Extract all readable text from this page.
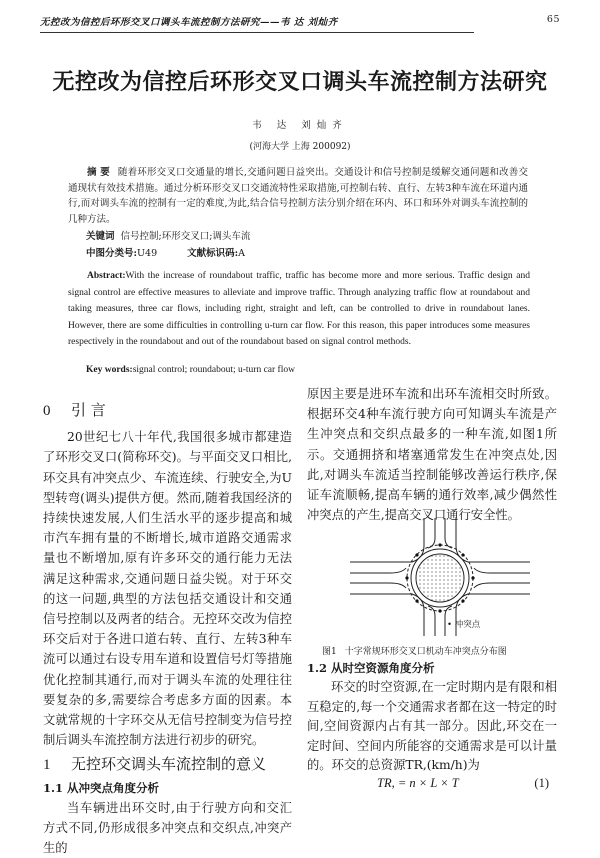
无控改为信控后环形交叉口调头车流控制方法研究——韦 达 刘灿齐	65
无控改为信控后环形交叉口调头车流控制方法研究
韦 达 刘灿齐
(河海大学 上海 200092)

摘 要 随着环形交叉口交通量的增长,交通问题日益突出。交通设计和信号控制是缓解交通问题和改善交通现状有效技术措施。通过分析环形交叉口交通流特性采取措施,可控制右转、直行、左转3种车流在环道内通行,而对调头车流的控制有一定的难度,为此,结合信号控制方法分别介绍在环内、环口和环外对调头车流控制的几种方法。

关键词 信号控制;环形交叉口;调头车流
中图分类号:U49	文献标识码:A

Abstract:With the increase of roundabout traffic, traffic has become more and more serious. Traffic design and signal control are effective measures to alleviate and improve traffic. Through analyzing traffic flow at roundabout and taking measures, three car flows, including right, straight and left, can be controlled to drive in roundabout lanes. However, there are some difficulties in controlling u-turn car flow. For this reason, this paper introduces some measures respectively in the roundabout and out of the roundabout based on signal control methods.

Key words:signal control; roundabout; u-turn car flow
0 引 言

20世纪七八十年代,我国很多城市都建造了环形交叉口(简称环交)。与平面交叉口相比,环交具有冲突点少、车流连续、行驶安全,为U型转弯(调头)提供方便。然而,随着我国经济的持续快速发展,人们生活水平的逐步提高和城市汽车拥有量的不断增长,城市道路交通需求量也不断增加,原有许多环交的通行能力无法满足这种需求,交通问题日益尖锐。对于环交的这一问题,典型的方法包括交通设计和交通信号控制以及两者的结合。无控环交改为信控环交后对于各进口道右转、直行、左转3种车流可以通过右设专用车道和设置信号灯等措施优化控制其通行,而对于调头车流的处理往往要复杂的多,需要综合考虑多方面的因素。本文就常规的十字环交从无信号控制变为信号控制后调头车流控制方法进行初步的研究。

1 无控环交调头车流控制的意义
1.1 从冲突点角度分析

当车辆进出环交时,由于行驶方向和交汇方式不同,仍形成很多冲突点和交织点,冲突产生的

原因主要是进环车流和出环车流相交时所致。根据环交4种车流行驶方向可知调头车流是产生冲突点和交织点最多的一种车流,如图1所示。交通拥挤和堵塞通常发生在冲突点处,因此,对调头车流适当控制能够改善运行秩序,保证车流顺畅,提高车辆的通行效率,减少偶然性冲突点的产生,提高交叉口通行安全性。

• 冲突点
图1 十字常规环形交叉口机动车冲突点分布图
1.2 从时空资源角度分析

环交的时空资源,在一定时期内是有限和相互稳定的,每一个交通需求者都在这一特定的时间,空间资源内占有其一部分。因此,环交在一定时间、空间内所能容的交通需求是可以计量的。环交的总资源TR,(km/h)为

TR, = n × L × T	(1)
